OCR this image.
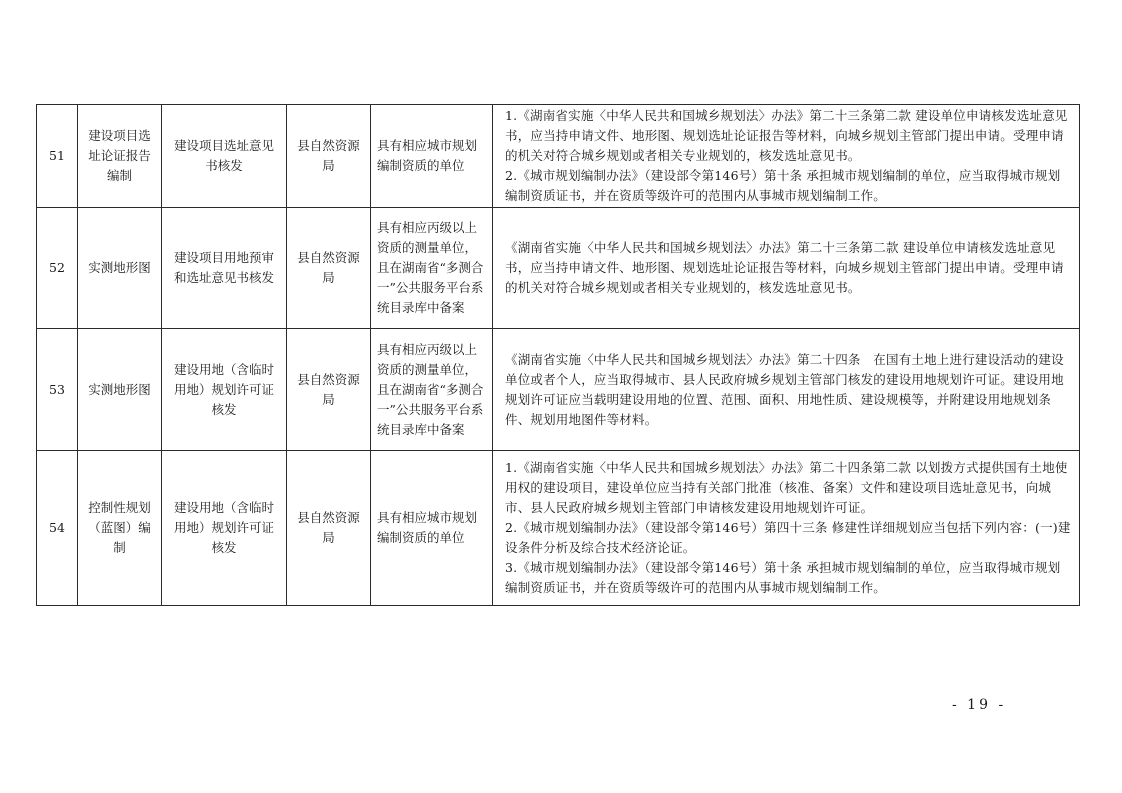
51	建设项目选址论证报告编制	建设项目选址意见书核发	县自然资源局	具有相应城市规划编制资质的单位	1.《湖南省实施〈中华人民共和国城乡规划法〉办法》第二十三条第二款 建设单位申请核发选址意见书，应当持申请文件、地形图、规划选址论证报告等材料，向城乡规划主管部门提出申请。受理申请的机关对符合城乡规划或者相关专业规划的，核发选址意见书。
2.《城市规划编制办法》（建设部令第146号）第十条 承担城市规划编制的单位，应当取得城市规划编制资质证书，并在资质等级许可的范围内从事城市规划编制工作。

52	实测地形图	建设项目用地预审和选址意见书核发	县自然资源局	具有相应丙级以上资质的测量单位，且在湖南省“多测合一”公共服务平台系统目录库中备案	《湖南省实施〈中华人民共和国城乡规划法〉办法》第二十三条第二款 建设单位申请核发选址意见书，应当持申请文件、地形图、规划选址论证报告等材料，向城乡规划主管部门提出申请。受理申请的机关对符合城乡规划或者相关专业规划的，核发选址意见书。

53	实测地形图	建设用地（含临时用地）规划许可证核发	县自然资源局	具有相应丙级以上资质的测量单位，且在湖南省“多测合一”公共服务平台系统目录库中备案	《湖南省实施〈中华人民共和国城乡规划法〉办法》第二十四条　在国有土地上进行建设活动的建设单位或者个人，应当取得城市、县人民政府城乡规划主管部门核发的建设用地规划许可证。建设用地规划许可证应当载明建设用地的位置、范围、面积、用地性质、建设规模等，并附建设用地规划条件、规划用地图件等材料。

54	控制性规划（蓝图）编制	建设用地（含临时用地）规划许可证核发	县自然资源局	具有相应城市规划编制资质的单位	1.《湖南省实施〈中华人民共和国城乡规划法〉办法》第二十四条第二款 以划拨方式提供国有土地使用权的建设项目，建设单位应当持有关部门批准（核准、备案）文件和建设项目选址意见书，向城市、县人民政府城乡规划主管部门申请核发建设用地规划许可证。
2.《城市规划编制办法》（建设部令第146号）第四十三条 修建性详细规划应当包括下列内容：(一)建设条件分析及综合技术经济论证。
3.《城市规划编制办法》（建设部令第146号）第十条 承担城市规划编制的单位，应当取得城市规划编制资质证书，并在资质等级许可的范围内从事城市规划编制工作。
- 19 -
